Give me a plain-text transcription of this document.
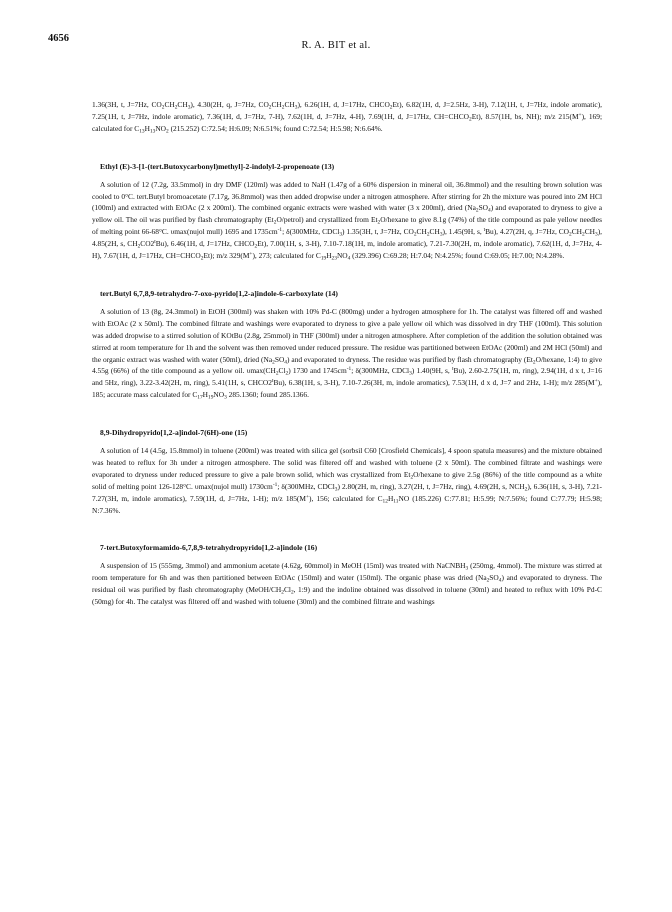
4656
R. A. BIT et al.

1.36(3H, t, J=7Hz, $CO_2CH_2CH_3$), 4.30(2H, q, J=7Hz, $CO_2CH_2CH_3$), 6.26(1H, d, J=17Hz, $CHCO_2Et$), 6.82(1H, d, J=2.5Hz, 3-H), 7.12(1H, t, J=7Hz, indole aromatic), 7.25(1H, t, J=7Hz, indole aromatic), 7.36(1H, d, J=7Hz, 7-H), 7.62(1H, d, J=7Hz, 4-H), 7.69(1H, d, J=17Hz, $CH=CHCO_2Et$), 8.57(1H, bs, NH); m/z 215(M+), 169; calculated for $C_{13}H_{13}NO_2$ (215.252) C:72.54; H:6.09; N:6.51%; found C:72.54; H:5.98; N:6.64%.

Ethyl (E)-3-[1-(tert.Butoxycarbonyl)methyl]-2-indolyl-2-propenoate (13)

A solution of 12 (7.2g, 33.5mmol) in dry DMF (120ml) was added to NaH (1.47g of a 60% dispersion in mineral oil, 36.8mmol) and the resulting brown solution was cooled to 0°C. tert.Butyl bromoacetate (7.17g, 36.8mmol) was then added dropwise under a nitrogen atmosphere. After stirring for 2h the mixture was poured into 2M HCl (100ml) and extracted with EtOAc (2 x 200ml). The combined organic extracts were washed with water (3 x 200ml), dried $(Na_2SO_4)$ and evaporated to dryness to give a yellow oil. The oil was purified by flash chromatography $(Et_2O/petrol)$ and crystallized from $Et_2O$/hexane to give 8.1g (74%) of the title compound as pale yellow needles of melting point 66-68°C. υmax(nujol mull) 1695 and $1735cm^{-1}$; δ(300MHz, CDCl$_3$) 1.35(3H, t, J=7Hz, $CO_2CH_2CH_3$), 1.45(9H, s, $^t$Bu), 4.27(2H, q, J=7Hz, $CO_2CH_2CH_3$), 4.85(2H, s, $CH_2CO2^tBu$), 6.46(1H, d, J=17Hz, $CHCO_2Et$), 7.00(1H, s, 3-H), 7.10-7.18(1H, m, indole aromatic), 7.21-7.30(2H, m, indole aromatic), 7.62(1H, d, J=7Hz, 4-H), 7.67(1H, d, J=17Hz, $CH=CHCO_2Et$); m/z 329(M+), 273; calculated for $C_{19}H_{23}NO_4$ (329.396) C:69.28; H:7.04; N:4.25%; found C:69.05; H:7.00; N:4.28%.

tert.Butyl 6,7,8,9-tetrahydro-7-oxo-pyrido[1,2-a]indole-6-carboxylate (14)

A solution of 13 (8g, 24.3mmol) in EtOH (300ml) was shaken with 10% Pd-C (800mg) under a hydrogen atmosphere for 1h. The catalyst was filtered off and washed with EtOAc (2 x 50ml). The combined filtrate and washings were evaporated to dryness to give a pale yellow oil which was dissolved in dry THF (100ml). This solution was added dropwise to a stirred solution of KOtBu (2.8g, 25mmol) in THF (300ml) under a nitrogen atmosphere. After completion of the addition the solution obtained was stirred at room temperature for 1h and the solvent was then removed under reduced pressure. The residue was partitioned between EtOAc (200ml) and 2M HCl (50ml) and the organic extract was washed with water (50ml), dried $(Na_2SO_4)$ and evaporated to dryness. The residue was purified by flash chromatography ($Et_2O$/hexane, 1:4) to give 4.55g (66%) of the title compound as a yellow oil. $\upsilon\max(CH_2Cl_2)$ 1730 and $1745cm^{-1}$; δ(300MHz, CDCl$_3$) 1.40(9H, s, $^t$Bu), 2.60-2.75(1H, m, ring), 2.94(1H, d x t, J=16 and 5Hz, ring), 3.22-3.42(2H, m, ring), 5.41(1H, s, CHCO2$^t$Bu), 6.38(1H, s, 3-H), 7.10-7.26(3H, m, indole aromatics), 7.53(1H, d x d, J=7 and 2Hz, 1-H); m/z 285(M+), 185; accurate mass calculated for $C_{17}H_{19}NO_3$ 285.1360; found 285.1366.

8,9-Dihydropyrido[1,2-a]indol-7(6H)-one (15)

A solution of 14 (4.5g, 15.8mmol) in toluene (200ml) was treated with silica gel (sorbsil C60 [Crosfield Chemicals], 4 spoon spatula measures) and the mixture obtained was heated to reflux for 3h under a nitrogen atmosphere. The solid was filtered off and washed with toluene (2 x 50ml). The combined filtrate and washings were evaporated to dryness under reduced pressure to give a pale brown solid, which was crystallized from $Et_2O$/hexane to give 2.5g (86%) of the title compound as a white solid of melting point 126-128°C. υmax(nujol mull) $1730cm^{-1}$; δ(300MHz, CDCl$_3$) 2.80(2H, m, ring), 3.27(2H, t, J=7Hz, ring), 4.69(2H, s, $NCH_2$), 6.36(1H, s, 3-H), 7.21-7.27(3H, m, indole aromatics), 7.59(1H, d, J=7Hz, 1-H); m/z 185(M+), 156; calculated for $C_{12}H_{11}NO$ (185.226) C:77.81; H:5.99; N:7.56%; found C:77.79; H:5.98; N:7.36%.

7-tert.Butoxyformamido-6,7,8,9-tetrahydropyrido[1,2-a]indole (16)

A suspension of 15 (555mg, 3mmol) and ammonium acetate (4.62g, 60mmol) in MeOH (15ml) was treated with NaCNBH$_3$ (250mg, 4mmol). The mixture was stirred at room temperature for 6h and was then partitioned between EtOAc (150ml) and water (150ml). The organic phase was dried $(Na_2SO_4)$ and evaporated to dryness. The residual oil was purified by flash chromatography ($MeOH/CH_2Cl_2$, 1:9) and the indoline obtained was dissolved in toluene (30ml) and heated to reflux with 10% Pd-C (50mg) for 4h. The catalyst was filtered off and washed with toluene (30ml) and the combined filtrate and washings
